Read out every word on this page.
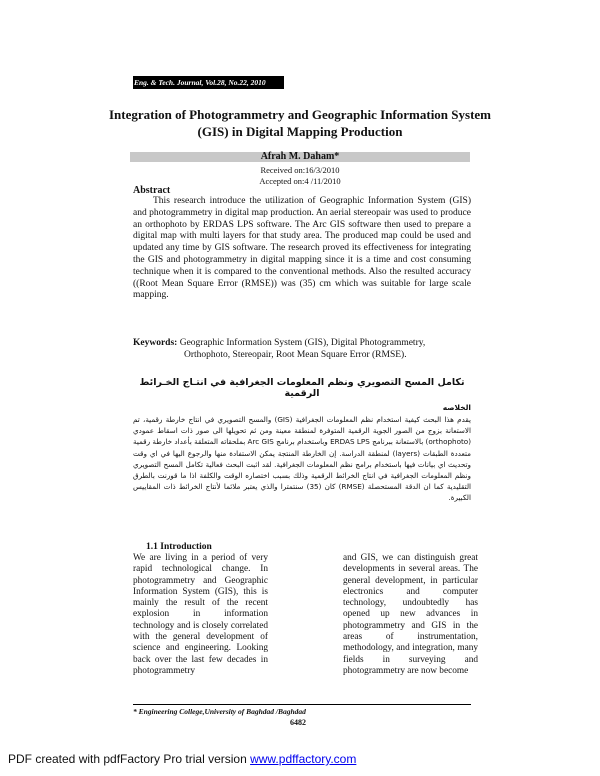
Eng. & Tech. Journal, Vol.28, No.22, 2010
Integration of Photogrammetry and Geographic Information System (GIS) in Digital Mapping Production
Afrah M. Daham*
Received on:16/3/2010
Accepted on:4 /11/2010
Abstract

This research introduce the utilization of Geographic Information System (GIS) and photogrammetry in digital map production. An aerial stereopair was used to produce an orthophoto by ERDAS LPS software. The Arc GIS software then used to prepare a digital map with multi layers for that study area. The produced map could be used and updated any time by GIS software. The research proved its effectiveness for integrating the GIS and photogrammetry in digital mapping since it is a time and cost consuming technique when it is compared to the conventional methods. Also the resulted accuracy ((Root Mean Square Error (RMSE)) was (35) cm which was suitable for large scale mapping.

Keywords: Geographic Information System (GIS), Digital Photogrammetry,
Orthophoto, Stereopair, Root Mean Square Error (RMSE).
تكامل المسح التصويري ونظم المعلومات الجغرافية في انتـاج الخـرائط الرقمية
الخلاصه
يقدم هذا البحث كيفية استخدام نظم المعلومات الجغرافية (GIS) والمسح التصويري في انتاج خارطة رقمية، تم الاستعانة بزوج من الصور الجوية الرقمية المتوفرة لمنطقة معينة ومن ثم تحويلها الى صور ذات اسقاط عمودي (orthophoto) بالاستعانة ببرنامج ERDAS LPS وباستخدام برنامج Arc GIS بملحقاته المتعلقة بأعداد خارطة رقمية متعددة الطبقات (layers) لمنطقة الدراسة. إن الخارطة المنتجة يمكن الاستفادة منها والرجوع اليها في اي وقت وتحديث اي بيانات فيها باستخدام برامج نظم المعلومات الجغرافية. لقد اثبت البحث فعالية تكامل المسح التصويري ونظم المعلومات الجغرافية في انتاج الخرائط الرقمية وذلك بسبب اختصاره الوقت والكلفة اذا ما قورنت بالطرق التقليدية كما ان الدقة المستحصلة (RMSE) كان (35) سنتمترا والذي يعتبر ملائما لأنتاج الخرائط ذات المقاييس الكبيرة.
1.1 Introduction
We are living in a period of very rapid technological change. In photogrammetry and Geographic Information System (GIS), this is mainly the result of the recent explosion in information technology and is closely correlated with the general development of science and engineering. Looking back over the last few decades in photogrammetry
and GIS, we can distinguish great developments in several areas. The general development, in particular electronics and computer technology, undoubtedly has opened up new advances in photogrammetry and GIS in the areas of instrumentation, methodology, and integration, many fields in surveying and photogrammetry are now become
* Engineering College,University of Baghdad /Baghdad
6482
PDF created with pdfFactory Pro trial version www.pdffactory.com
